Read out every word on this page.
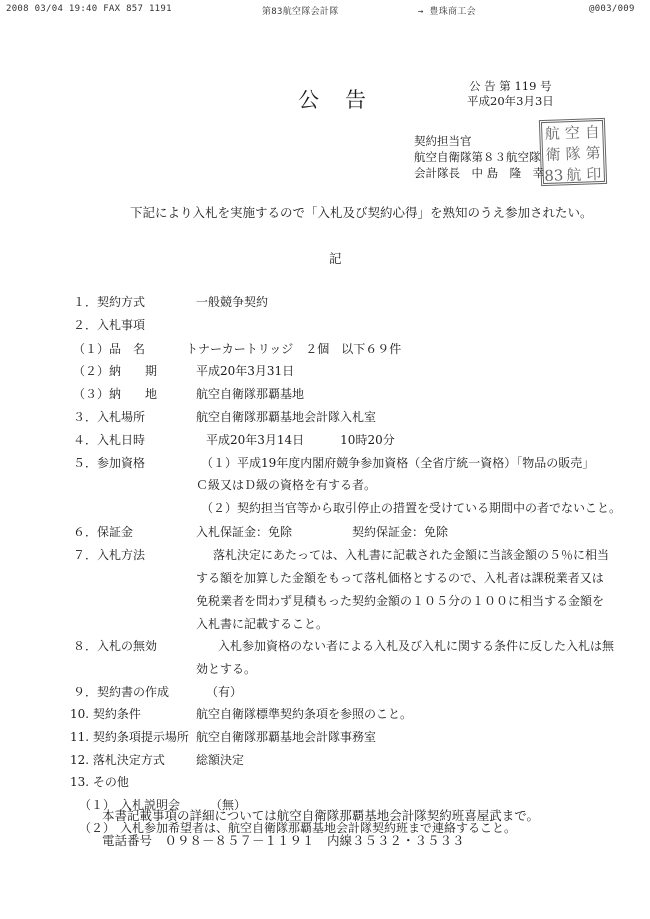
2008 03/04 19:40 FAX 857 1191	第83航空隊会計隊	→ 豊珠商工会	@003/009
公告
公 告 第 119 号
平成20年3月3日
契約担当官
航空自衛隊第８３航空隊
会計隊長　中 島　隆　幸
航 空 自
衛 隊 第
83 航 印
下記により入札を実施するので「入札及び契約心得」を熟知のうえ参加されたい。
記
１．契約方式	一般競争契約
２．入札事項
（１）品　名	トナーカートリッジ　２個　以下６９件
（２）納　　期	平成20年3月31日
（３）納　　地	航空自衛隊那覇基地
３．入札場所	航空自衛隊那覇基地会計隊入札室
４．入札日時	平成20年3月14日　　　10時20分
５．参加資格	（１）平成19年度内閣府競争参加資格（全省庁統一資格）「物品の販売」
Ｃ級又はＤ級の資格を有する者。
（２）契約担当官等から取引停止の措置を受けている期間中の者でないこと。
６．保証金	入札保証金：免除　　　　　契約保証金：免除
７．入札方法	　落札決定にあたっては、入札書に記載された金額に当該金額の５％に相当
する額を加算した金額をもって落札価格とするので、入札者は課税業者又は
免税業者を問わず見積もった契約金額の１０５分の１００に相当する金額を
入札書に記載すること。
８．入札の無効	　入札参加資格のない者による入札及び入札に関する条件に反した入札は無
効とする。
９．契約書の作成	（有）
10. 契約条件	航空自衛隊標準契約条項を参照のこと。
11. 契約条項提示場所 航空自衛隊那覇基地会計隊事務室
12. 落札決定方式	総額決定
13. その他
（１） 入札説明会　　　（無）
（２） 入札参加希望者は、航空自衛隊那覇基地会計隊契約班まで連絡すること。
本書記載事項の詳細については航空自衛隊那覇基地会計隊契約班喜屋武まで。
電話番号　０９８－８５７－１１９１　内線３５３２・３５３３
